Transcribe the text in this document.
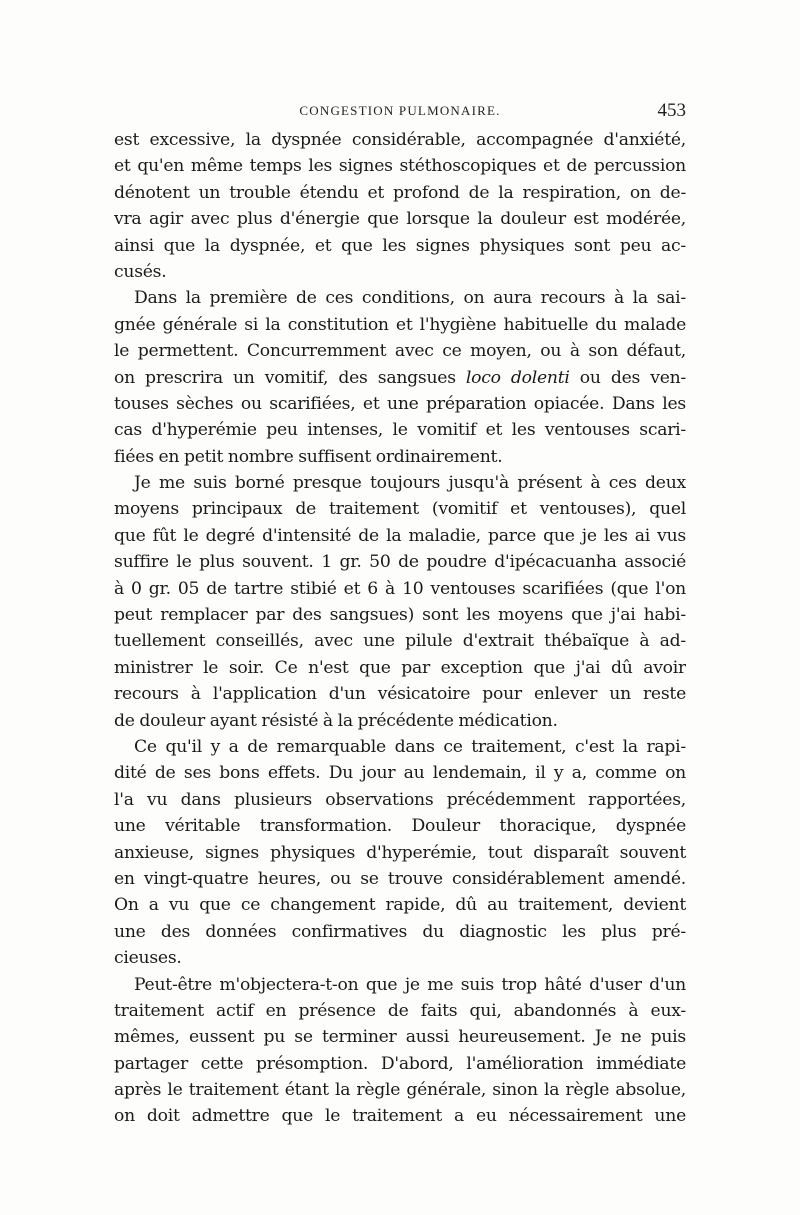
CONGESTION PULMONAIRE.	453
est excessive, la dyspnée considérable, accompagnée d'anxiété,
et qu'en même temps les signes stéthoscopiques et de percussion
dénotent un trouble étendu et profond de la respiration, on de-
vra agir avec plus d'énergie que lorsque la douleur est modérée,
ainsi que la dyspnée, et que les signes physiques sont peu ac-
cusés.
Dans la première de ces conditions, on aura recours à la sai-
gnée générale si la constitution et l'hygiène habituelle du malade
le permettent. Concurremment avec ce moyen, ou à son défaut,
on prescrira un vomitif, des sangsues loco dolenti ou des ven-
touses sèches ou scarifiées, et une préparation opiacée. Dans les
cas d'hyperémie peu intenses, le vomitif et les ventouses scari-
fiées en petit nombre suffisent ordinairement.
Je me suis borné presque toujours jusqu'à présent à ces deux
moyens principaux de traitement (vomitif et ventouses), quel
que fût le degré d'intensité de la maladie, parce que je les ai vus
suffire le plus souvent. 1 gr. 50 de poudre d'ipécacuanha associé
à 0 gr. 05 de tartre stibié et 6 à 10 ventouses scarifiées (que l'on
peut remplacer par des sangsues) sont les moyens que j'ai habi-
tuellement conseillés, avec une pilule d'extrait thébaïque à ad-
ministrer le soir. Ce n'est que par exception que j'ai dû avoir
recours à l'application d'un vésicatoire pour enlever un reste
de douleur ayant résisté à la précédente médication.
Ce qu'il y a de remarquable dans ce traitement, c'est la rapi-
dité de ses bons effets. Du jour au lendemain, il y a, comme on
l'a vu dans plusieurs observations précédemment rapportées,
une véritable transformation. Douleur thoracique, dyspnée
anxieuse, signes physiques d'hyperémie, tout disparaît souvent
en vingt-quatre heures, ou se trouve considérablement amendé.
On a vu que ce changement rapide, dû au traitement, devient
une des données confirmatives du diagnostic les plus pré-
cieuses.
Peut-être m'objectera-t-on que je me suis trop hâté d'user d'un
traitement actif en présence de faits qui, abandonnés à eux-
mêmes, eussent pu se terminer aussi heureusement. Je ne puis
partager cette présomption. D'abord, l'amélioration immédiate
après le traitement étant la règle générale, sinon la règle absolue,
on doit admettre que le traitement a eu nécessairement une
